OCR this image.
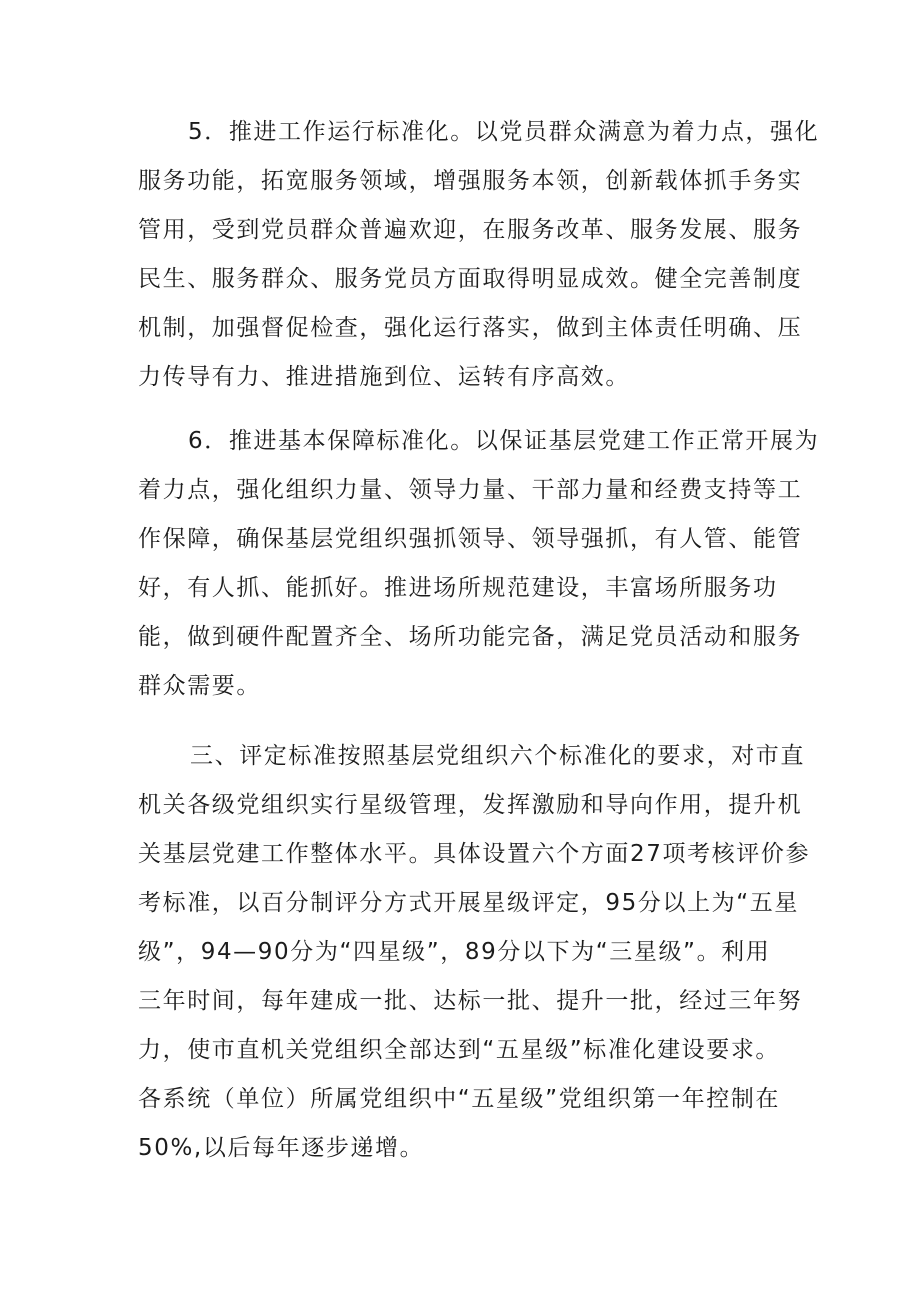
5．推进工作运行标准化。以党员群众满意为着力点，强化
服务功能，拓宽服务领域，增强服务本领，创新载体抓手务实
管用，受到党员群众普遍欢迎，在服务改革、服务发展、服务
民生、服务群众、服务党员方面取得明显成效。健全完善制度
机制，加强督促检查，强化运行落实，做到主体责任明确、压
力传导有力、推进措施到位、运转有序高效。
6．推进基本保障标准化。以保证基层党建工作正常开展为
着力点，强化组织力量、领导力量、干部力量和经费支持等工
作保障，确保基层党组织强抓领导、领导强抓，有人管、能管
好，有人抓、能抓好。推进场所规范建设，丰富场所服务功
能，做到硬件配置齐全、场所功能完备，满足党员活动和服务
群众需要。
三、评定标准按照基层党组织六个标准化的要求，对市直
机关各级党组织实行星级管理，发挥激励和导向作用，提升机
关基层党建工作整体水平。具体设置六个方面27项考核评价参
考标准，以百分制评分方式开展星级评定，95分以上为“五星
级”，94—90分为“四星级”，89分以下为“三星级”。利用
三年时间，每年建成一批、达标一批、提升一批，经过三年努
力，使市直机关党组织全部达到“五星级”标准化建设要求。
各系统（单位）所属党组织中“五星级”党组织第一年控制在
50%,以后每年逐步递增。
